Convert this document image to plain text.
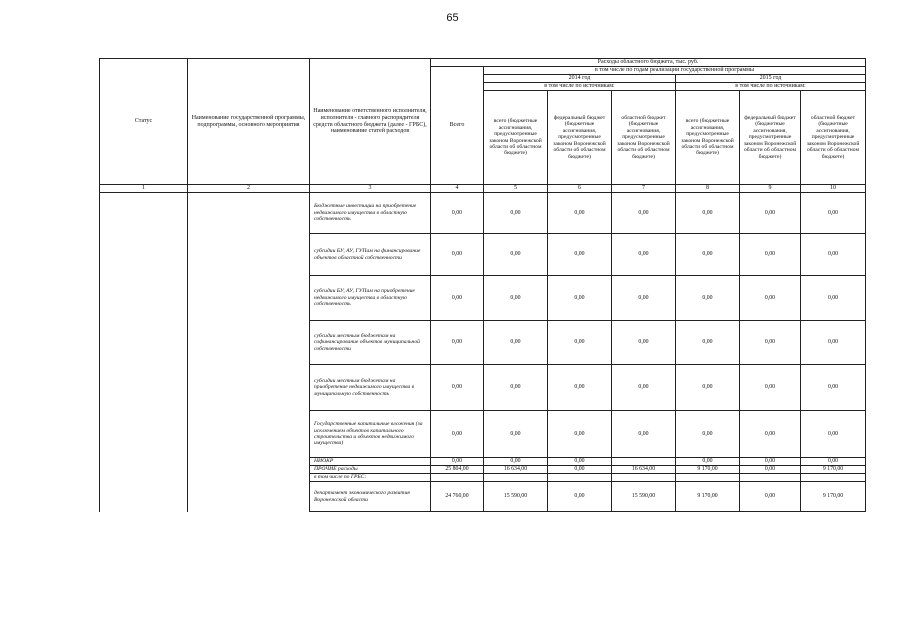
65
Статус	Наименование государственной программы, подпрограммы, основного мероприятия	Наименование ответственного исполнителя, исполнителя - главного распорядителя средств областного бюджета (далее - ГРБС), наименование статей расходов	Расходы областного бюджета, тыс. руб.						
			Всего	в том числе по годам реализации государственной программы					
				2014 год			2015 год		
				в том числе по источникам:			в том числе по источникам:		
				всего (бюджетные ассигнования, предусмотренные законом Воронежской области об областном бюджете)	федеральный бюджет (бюджетные ассигнования, предусмотренные законом Воронежской области об областном бюджете)	областной бюджет (бюджетные ассигнования, предусмотренные законом Воронежской области об областном бюджете)	всего (бюджетные ассигнования, предусмотренные законом Воронежской области об областном бюджете)	федеральный бюджет (бюджетные ассигнования, предусмотренные законом Воронежской области об областном бюджете)	областной бюджет (бюджетные ассигнования, предусмотренные законом Воронежской области об областном бюджете)
1	2	3	4	5	6	7	8	9	10
		Бюджетные инвестиции на приобретение недвижимого имущества в областную собственность	0,00	0,00	0,00	0,00	0,00	0,00	0,00
		субсидии БУ, АУ, ГУПам на финансирование объектов областной собственности	0,00	0,00	0,00	0,00	0,00	0,00	0,00
		субсидии БУ, АУ, ГУПам на приобретение недвижимого имущества в областную собственность	0,00	0,00	0,00	0,00	0,00	0,00	0,00
		субсидии местным бюджетам на софинансирование объектов муниципальной собственности	0,00	0,00	0,00	0,00	0,00	0,00	0,00
		субсидии местным бюджетам на приобретение недвижимого имущества в муниципальную собственность	0,00	0,00	0,00	0,00	0,00	0,00	0,00
		Государственные капитальные вложения (за исключением объектов капитального строительства и объектов недвижимого имущества)	0,00	0,00	0,00	0,00	0,00	0,00	0,00
		НИОКР	0,00	0,00	0,00		0,00	0,00	0,00
		ПРОЧИЕ расходы	25 804,00	16 634,00	0,00	16 634,00	9 170,00	0,00	9 170,00
		в том числе по ГРБС:							
		департамент экономического развития Воронежской области	24 760,00	15 590,00	0,00	15 590,00	9 170,00	0,00	9 170,00
